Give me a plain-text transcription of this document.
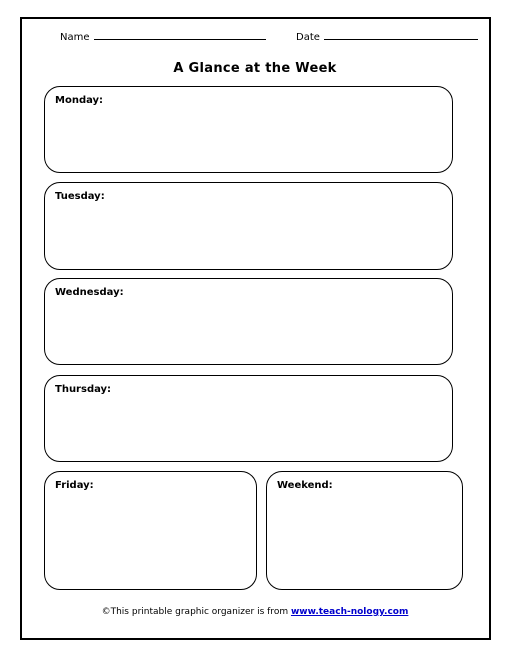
Name	Date
A Glance at the Week
Monday:
Tuesday:
Wednesday:
Thursday:
Friday:	Weekend:
©This printable graphic organizer is from www.teach-nology.com
